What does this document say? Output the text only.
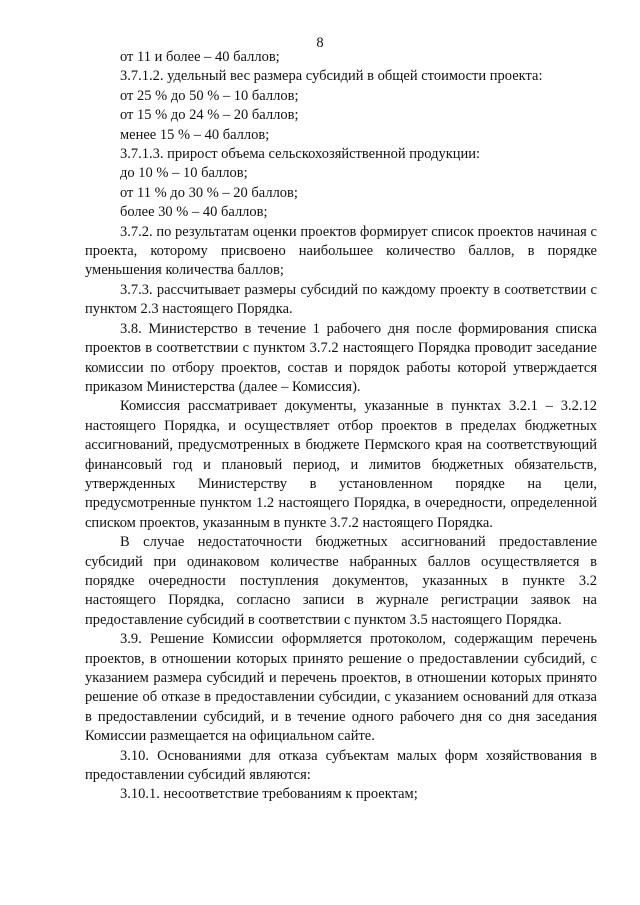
8

от 11 и более – 40 баллов;

3.7.1.2. удельный вес размера субсидий в общей стоимости проекта:

от 25 % до 50 % – 10 баллов;

от 15 % до 24 % – 20 баллов;

менее 15 % – 40 баллов;

3.7.1.3. прирост объема сельскохозяйственной продукции:

до 10 % – 10 баллов;

от 11 % до 30 % – 20 баллов;

более 30 % – 40 баллов;

3.7.2. по результатам оценки проектов формирует список проектов начиная с проекта, которому присвоено наибольшее количество баллов, в порядке уменьшения количества баллов;

3.7.3. рассчитывает размеры субсидий по каждому проекту в соответствии с пунктом 2.3 настоящего Порядка.

3.8. Министерство в течение 1 рабочего дня после формирования списка проектов в соответствии с пунктом 3.7.2 настоящего Порядка проводит заседание комиссии по отбору проектов, состав и порядок работы которой утверждается приказом Министерства (далее – Комиссия).

Комиссия рассматривает документы, указанные в пунктах 3.2.1 – 3.2.12 настоящего Порядка, и осуществляет отбор проектов в пределах бюджетных ассигнований, предусмотренных в бюджете Пермского края на соответствующий финансовый год и плановый период, и лимитов бюджетных обязательств, утвержденных Министерству в установленном порядке на цели, предусмотренные пунктом 1.2 настоящего Порядка, в очередности, определенной списком проектов, указанным в пункте 3.7.2 настоящего Порядка.

В случае недостаточности бюджетных ассигнований предоставление субсидий при одинаковом количестве набранных баллов осуществляется в порядке очередности поступления документов, указанных в пункте 3.2 настоящего Порядка, согласно записи в журнале регистрации заявок на предоставление субсидий в соответствии с пунктом 3.5 настоящего Порядка.

3.9. Решение Комиссии оформляется протоколом, содержащим перечень проектов, в отношении которых принято решение о предоставлении субсидий, с указанием размера субсидий и перечень проектов, в отношении которых принято решение об отказе в предоставлении субсидии, с указанием оснований для отказа в предоставлении субсидий, и в течение одного рабочего дня со дня заседания Комиссии размещается на официальном сайте.

3.10. Основаниями для отказа субъектам малых форм хозяйствования в предоставлении субсидий являются:

3.10.1. несоответствие требованиям к проектам;
